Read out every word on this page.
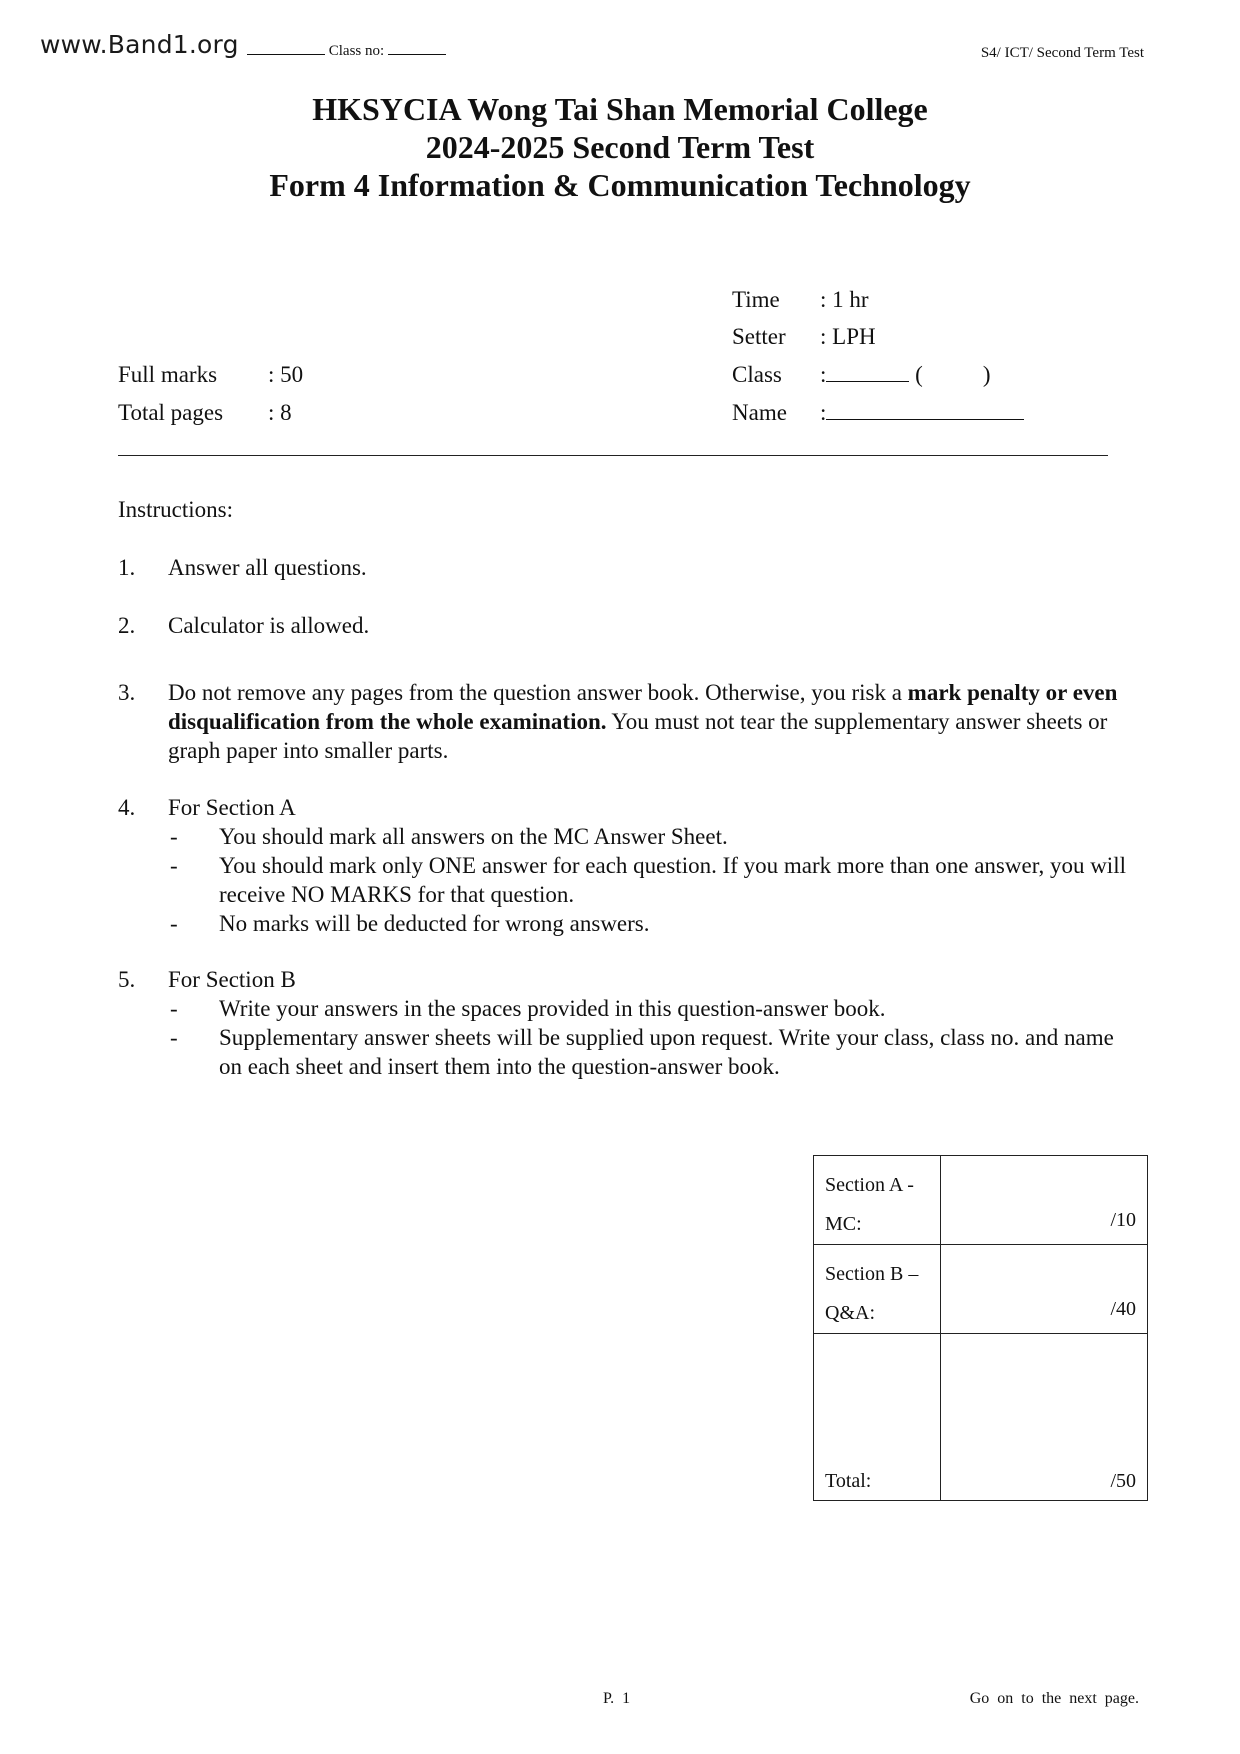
www.Band1.org	Class no:	S4/ ICT/ Second Term Test
HKSYCIA Wong Tai Shan Memorial College
2024-2025 Second Term Test
Form 4 Information & Communication Technology
Time : 1 hr
Setter : LPH
Class :	(	)
Name :
Full marks : 50
Total pages : 8
Instructions:
1. Answer all questions.
2. Calculator is allowed.
3. Do not remove any pages from the question answer book. Otherwise, you risk a mark penalty or even disqualification from the whole examination. You must not tear the supplementary answer sheets or graph paper into smaller parts.
4. For Section A
- You should mark all answers on the MC Answer Sheet.
- You should mark only ONE answer for each question. If you mark more than one answer, you will receive NO MARKS for that question.
- No marks will be deducted for wrong answers.
5. For Section B
- Write your answers in the spaces provided in this question-answer book.
- Supplementary answer sheets will be supplied upon request. Write your class, class no. and name on each sheet and insert them into the question-answer book.
Section A -
MC:	/10

Section B –
Q&A:	/40

Total:	/50
P.  1	Go on to the next page.
